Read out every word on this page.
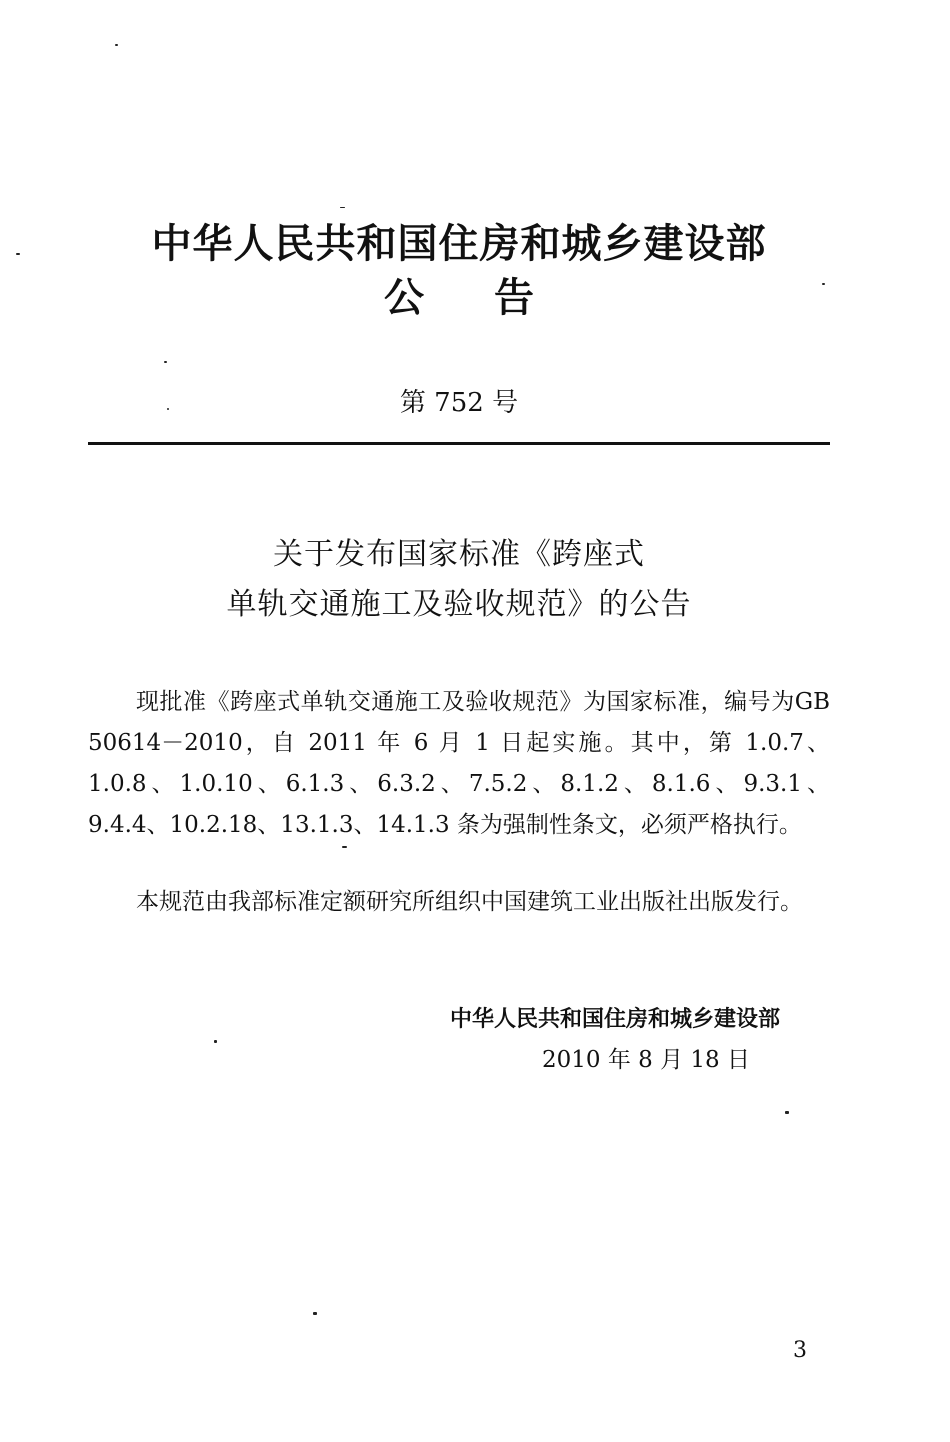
中华人民共和国住房和城乡建设部
公 告
第 752 号
关于发布国家标准《跨座式
单轨交通施工及验收规范》的公告
现批准《跨座式单轨交通施工及验收规范》为国家标准，编号为GB 50614－2010，自 2011 年 6 月 1 日起实施。其中，第 1.0.7、1.0.8、1.0.10、6.1.3、6.3.2、7.5.2、8.1.2、8.1.6、9.3.1、9.4.4、10.2.18、13.1.3、14.1.3 条为强制性条文，必须严格执行。
本规范由我部标准定额研究所组织中国建筑工业出版社出版发行。
中华人民共和国住房和城乡建设部
2010 年 8 月 18 日
3
